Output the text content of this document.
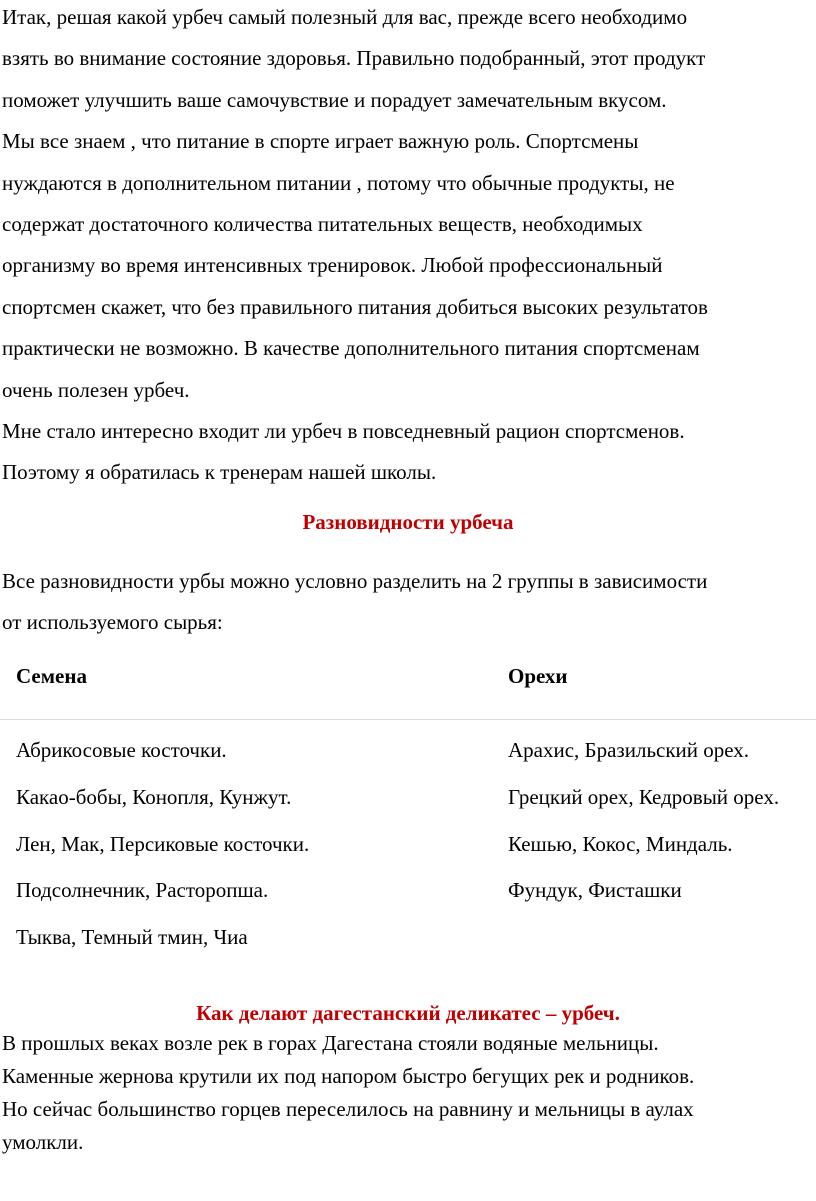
Итак, решая какой урбеч самый полезный для вас, прежде всего необходимо
взять во внимание состояние здоровья. Правильно подобранный, этот продукт
поможет улучшить ваше самочувствие и порадует замечательным вкусом.
Мы все знаем , что питание в спорте играет важную роль. Спортсмены
нуждаются в дополнительном питании , потому что обычные продукты, не
содержат достаточного количества питательных веществ, необходимых
организму во время интенсивных тренировок. Любой профессиональный
спортсмен скажет, что без правильного питания добиться высоких результатов
практически не возможно. В качестве дополнительного питания спортсменам
очень полезен урбеч.
Мне стало интересно входит ли урбеч в повседневный рацион спортсменов.
Поэтому я обратилась к тренерам нашей школы.
Разновидности урбеча
Все разновидности урбы можно условно разделить на 2 группы в зависимости
от используемого сырья:
Семена	Орехи
Абрикосовые косточки.
Какао-бобы, Конопля, Кунжут.
Лен, Мак, Персиковые косточки.
Подсолнечник, Расторопша.
Тыква, Темный тмин, Чиа
Арахис, Бразильский орех.
Грецкий орех, Кедровый орех.
Кешью, Кокос, Миндаль.
Фундук, Фисташки
Как делают дагестанский деликатес – урбеч.
В прошлых веках возле рек в горах Дагестана стояли водяные мельницы.
Каменные жернова крутили их под напором быстро бегущих рек и родников.
Но сейчас большинство горцев переселилось на равнину и мельницы в аулах
умолкли.
